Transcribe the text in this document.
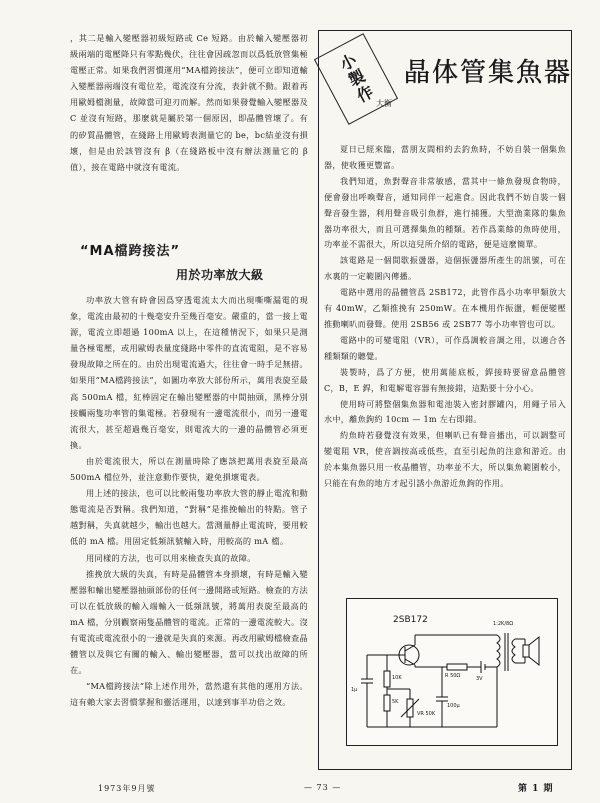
，其二是輸入變壓器初級短路或 Ce 短路。由於輸入變壓器初級兩端的電壓降只有零點幾伏，往往會因疏忽而以爲低放管集極電壓正常。如果我們習慣運用“MA檔跨接法”，便可立即知道輸入變壓器兩端沒有電位差，電流沒有分流，表針就不動。跟着再用歐姆檔測量，故障當可迎刃而解。然而如果發覺輸入變壓器及 C 並沒有短路，那麼就是屬於第一個原因，即晶體管壞了。有的矽質晶體管，在綫路上用歐姆表測量它的 be，bc結並沒有損壞，但是由於該管沒有 β（在綫路板中沒有辦法測量它的 β 值），接在電路中就沒有電流。

“MA檔跨接法”
用於功率放大級

功率放大管有時會因爲穿透電流太大而出現嘶嘶漏電的現象，電流由最初的十幾毫安升至幾百毫安。嚴重的，當一接上電源，電流立即超過 100mA 以上，在這種情況下，如果只是測量各極電壓，或用歐姆表量度綫路中零件的直流電阻，是不容易發現故障之所在的。由於出現電流過大，往往會一時手足無措。如果用“MA檔跨接法”，如圖功率放大部份所示，萬用表旋至最高 500mA 檔，紅棒固定在輸出變壓器的中間抽頭，黑棒分別接觸兩隻功率管的集電極。若發現有一邊電流很小，而另一邊電流很大，甚至超過幾百毫安，則電流大的一邊的晶體管必須更換。

由於電流很大，所以在測量時除了應該把萬用表旋至最高 500mA 檔位外，並注意動作要快，避免損壞電表。

用上述的接法，也可以比較兩隻功率放大管的靜止電流和動態電流是否對稱。我們知道，“對稱”是推挽輸出的特點。管子越對稱，失真就越少，輸出也越大。當測量靜止電流時，要用較低的 mA 檔。用固定低頻訊號輸入時，用較高的 mA 檔。

用同樣的方法，也可以用來檢查失真的故障。

推挽放大級的失真，有時是晶體管本身損壞，有時是輸入變壓器和輸出變壓器抽頭部份的任何一邊開路或短路。檢查的方法可以在低放級的輸入端輸入一低頻訊號，將萬用表旋至最高的 mA 檔，分別觀察兩隻晶體管的電流。正常的一邊電流較大。沒有電流或電流很小的一邊就是失真的來源。再改用歐姆檔檢查晶體管以及與它有關的輸入、輸出變壓器，當可以找出故障的所在。

“MA檔跨接法”除上述作用外，當然還有其他的運用方法。這有賴大家去習慣掌握和靈活運用，以達到事半功倍之效。

小製作 晶体管集魚器
大衡

夏日已經來臨，當朋友間相約去釣魚時，不妨自裝一個集魚器，使收獲更豐富。

我們知道，魚對聲音非常敏感，當其中一條魚發現食物時，便會發出呼喚聲音，通知同伴一起進食。因此我們不妨自裝一個聲音發生器，利用聲音吸引魚群，進行捕獲。大型漁業隊的集魚器功率很大，而且可選擇集魚的種類。若作爲業餘的魚時使用，功率並不需很大，所以這兒所介紹的電路，便是這麼簡單。

該電路是一個間歇振盪器，這個振盪器所產生的訊號，可在水裏的一定範圍內傳播。

電路中選用的晶體管爲 2SB172，此管作爲小功率甲類放大有 40mW，乙類推挽有 250mW。在本機用作振盪，輕便變壓推動喇叭而發聲。使用 2SB56 或 2SB77 等小功率管也可以。

電路中的可變電阻（VR），可作爲調較音調之用，以適合各種類類的聽覺。

裝製時，爲了方便，使用萬能底板，銲接時要留意晶體管 C，B，E 銲，和電解電容器有無接錯，這點要十分小心。

使用時可將整個集魚器和電池裝入密封膠罐內，用繩子吊入水中，離魚鉤約 10cm — 1m 左右即錯。

約魚時若發覺沒有效果，但喇叭已有聲音播出，可以調整可變電阻 VR，使音調按高或低些，直至引起魚的注意和游近。由於本集魚器只用一枚晶體管，功率並不大，所以集魚範圍較小，只能在有魚的地方才起引誘小魚游近魚鉤的作用。

2SB172	1:2K/8Ω
R 50Ω	3V
10K
5K
1μ
VR 50K
100μ
1973年9月號	— 73 —	第 1 期
